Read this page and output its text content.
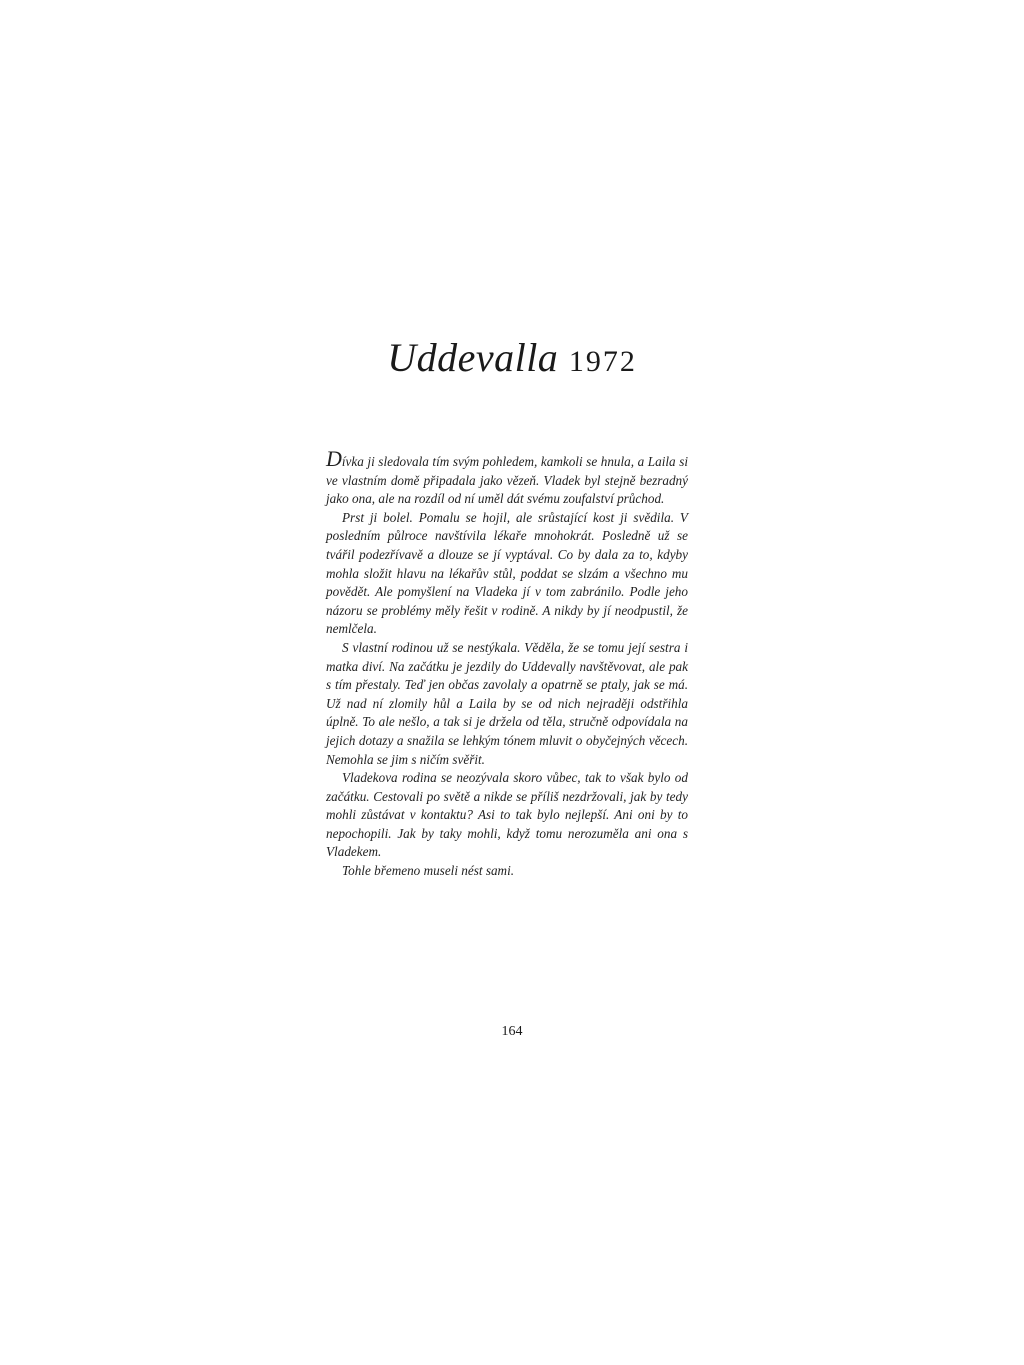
Uddevalla 1972

Dívka ji sledovala tím svým pohledem, kamkoli se hnula, a Laila si ve vlastním domě připadala jako vězeň. Vladek byl stejně bezradný jako ona, ale na rozdíl od ní uměl dát svému zoufalství průchod.

Prst ji bolel. Pomalu se hojil, ale srůstající kost ji svědila. V posledním půlroce navštívila lékaře mnohokrát. Posledně už se tvářil podezřívavě a dlouze se jí vyptával. Co by dala za to, kdyby mohla složit hlavu na lékařův stůl, poddat se slzám a všechno mu povědět. Ale pomyšlení na Vladeka jí v tom zabránilo. Podle jeho názoru se problémy měly řešit v rodině. A nikdy by jí neodpustil, že nemlčela.

S vlastní rodinou už se nestýkala. Věděla, že se tomu její sestra i matka diví. Na začátku je jezdily do Uddevally navštěvovat, ale pak s tím přestaly. Teď jen občas zavolaly a opatrně se ptaly, jak se má. Už nad ní zlomily hůl a Laila by se od nich nejraději odstřihla úplně. To ale nešlo, a tak si je držela od těla, stručně odpovídala na jejich dotazy a snažila se lehkým tónem mluvit o obyčejných věcech. Nemohla se jim s ničím svěřit.

Vladekova rodina se neozývala skoro vůbec, tak to však bylo od začátku. Cestovali po světě a nikde se příliš nezdržovali, jak by tedy mohli zůstávat v kontaktu? Asi to tak bylo nejlepší. Ani oni by to nepochopili. Jak by taky mohli, když tomu nerozuměla ani ona s Vladekem.

Tohle břemeno museli nést sami.

164
